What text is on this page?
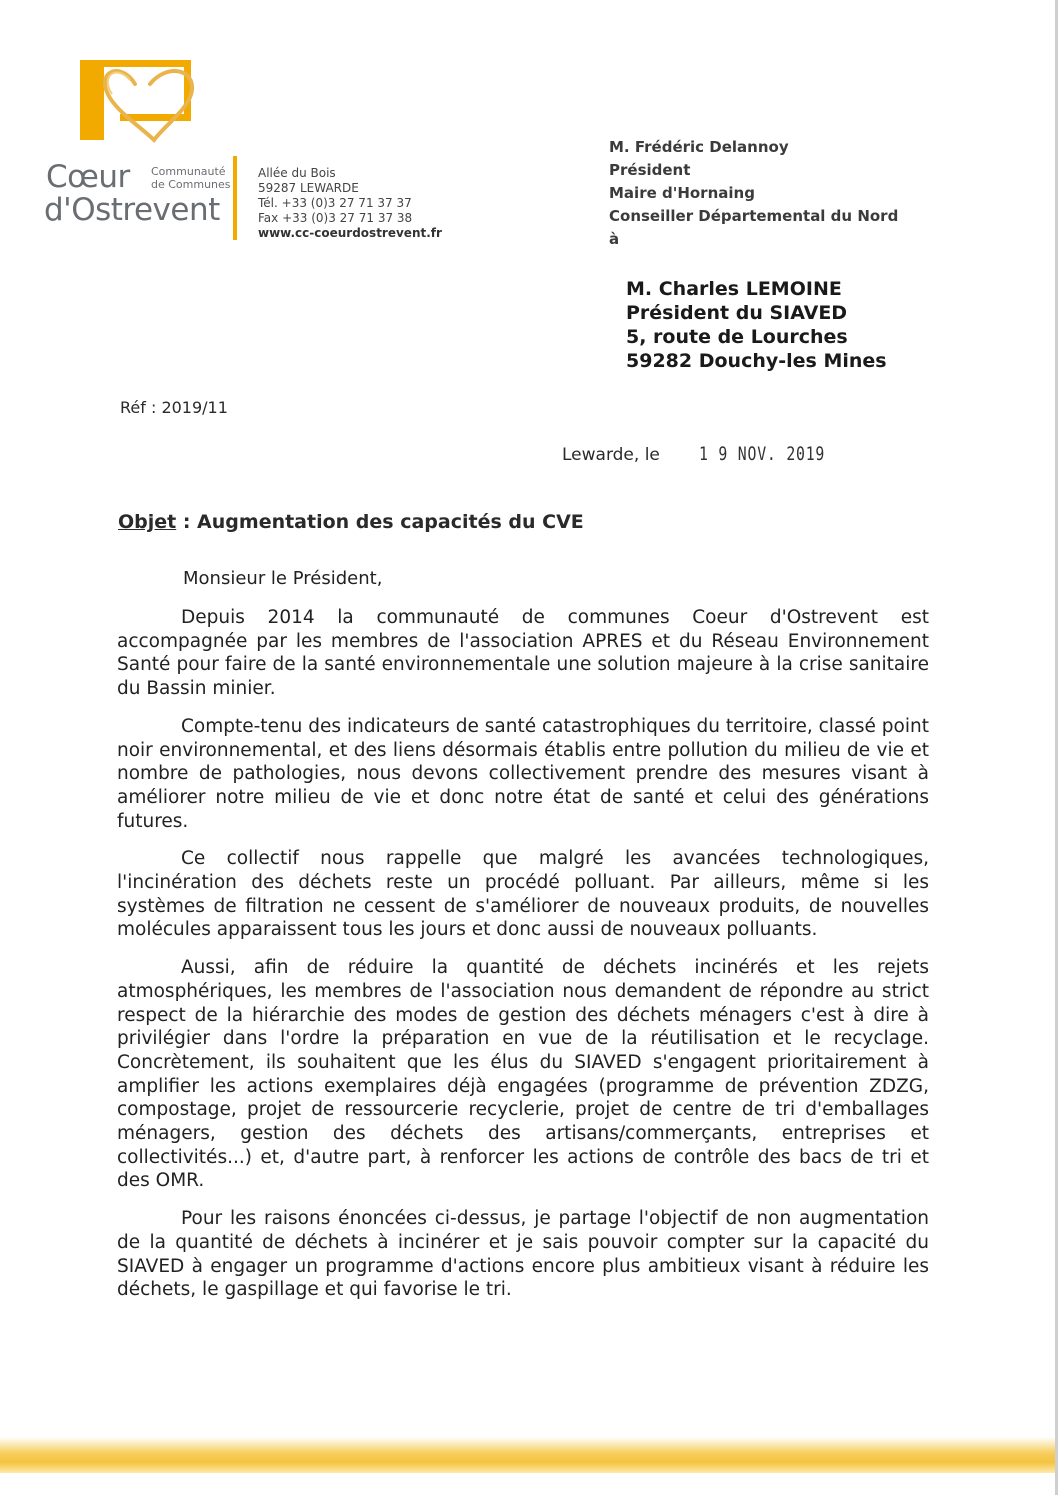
Cœur Communauté
de Communes
d'Ostrevent
Allée du Bois
59287 LEWARDE
Tél. +33 (0)3 27 71 37 37
Fax +33 (0)3 27 71 37 38
www.cc-coeurdostrevent.fr
M. Frédéric Delannoy
Président
Maire d'Hornaing
Conseiller Départemental du Nord
à
M. Charles LEMOINE
Président du SIAVED
5, route de Lourches
59282 Douchy-les Mines
Réf : 2019/11
Lewarde, le 1 9 NOV. 2019
Objet : Augmentation des capacités du CVE
Monsieur le Président,

Depuis 2014 la communauté de communes Coeur d'Ostrevent est accompagnée par les membres de l'association APRES et du Réseau Environnement Santé pour faire de la santé environnementale une solution majeure à la crise sanitaire du Bassin minier.

Compte-tenu des indicateurs de santé catastrophiques du territoire, classé point noir environnemental, et des liens désormais établis entre pollution du milieu de vie et nombre de pathologies, nous devons collectivement prendre des mesures visant à améliorer notre milieu de vie et donc notre état de santé et celui des générations futures.

Ce collectif nous rappelle que malgré les avancées technologiques, l'incinération des déchets reste un procédé polluant. Par ailleurs, même si les systèmes de filtration ne cessent de s'améliorer de nouveaux produits, de nouvelles molécules apparaissent tous les jours et donc aussi de nouveaux polluants.

Aussi, afin de réduire la quantité de déchets incinérés et les rejets atmosphériques, les membres de l'association nous demandent de répondre au strict respect de la hiérarchie des modes de gestion des déchets ménagers c'est à dire à privilégier dans l'ordre la préparation en vue de la réutilisation et le recyclage. Concrètement, ils souhaitent que les élus du SIAVED s'engagent prioritairement à amplifier les actions exemplaires déjà engagées (programme de prévention ZDZG, compostage, projet de ressourcerie recyclerie, projet de centre de tri d'emballages ménagers, gestion des déchets des artisans/commerçants, entreprises et collectivités...) et, d'autre part, à renforcer les actions de contrôle des bacs de tri et des OMR.

Pour les raisons énoncées ci-dessus, je partage l'objectif de non augmentation de la quantité de déchets à incinérer et je sais pouvoir compter sur la capacité du SIAVED à engager un programme d'actions encore plus ambitieux visant à réduire les déchets, le gaspillage et qui favorise le tri.
